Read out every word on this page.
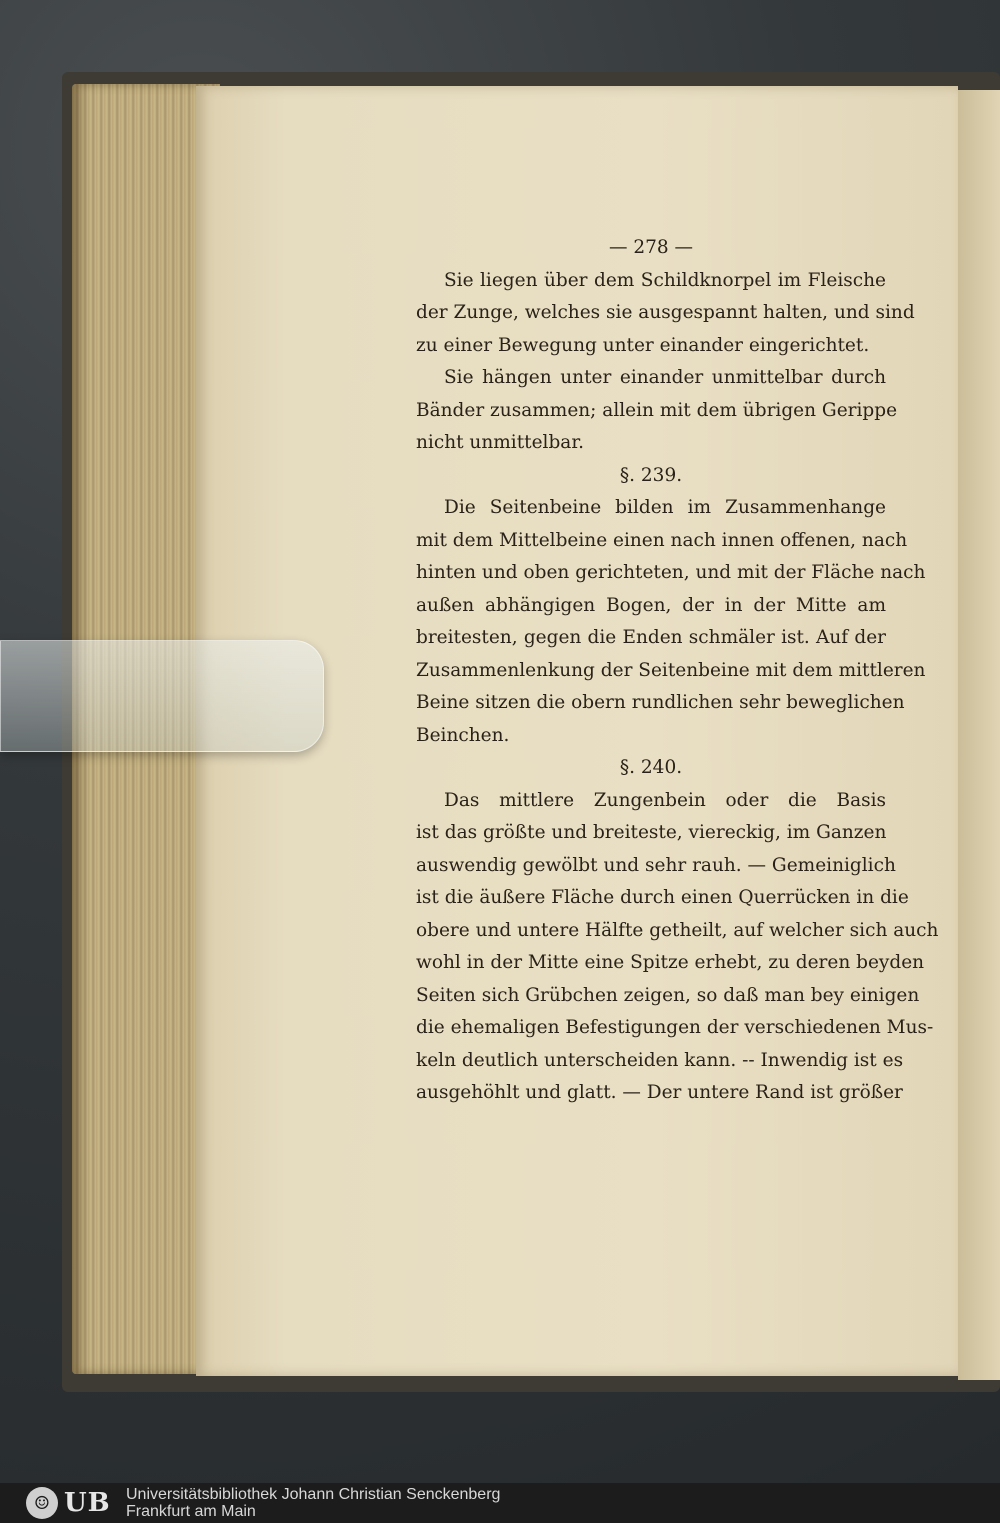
— 278 —
Sie liegen über dem Schildknorpel im Fleische
der Zunge, welches sie ausgespannt halten, und sind
zu einer Bewegung unter einander eingerichtet.
Sie hängen unter einander unmittelbar durch
Bänder zusammen; allein mit dem übrigen Gerippe
nicht unmittelbar.
§. 239.
Die Seitenbeine bilden im Zusammenhange
mit dem Mittelbeine einen nach innen offenen, nach
hinten und oben gerichteten, und mit der Fläche nach
außen abhängigen Bogen, der in der Mitte am
breitesten, gegen die Enden schmäler ist. Auf der
Zusammenlenkung der Seitenbeine mit dem mittleren
Beine sitzen die obern rundlichen sehr beweglichen
Beinchen.
§. 240.
Das mittlere Zungenbein oder die Basis
ist das größte und breiteste, viereckig, im Ganzen
auswendig gewölbt und sehr rauh. — Gemeiniglich
ist die äußere Fläche durch einen Querrücken in die
obere und untere Hälfte getheilt, auf welcher sich auch
wohl in der Mitte eine Spitze erhebt, zu deren beyden
Seiten sich Grübchen zeigen, so daß man bey einigen
die ehemaligen Befestigungen der verschiedenen Mus-
keln deutlich unterscheiden kann. -- Inwendig ist es
ausgehöhlt und glatt. — Der untere Rand ist größer
☺ UB Universitätsbibliothek Johann Christian Senckenberg
Frankfurt am Main
